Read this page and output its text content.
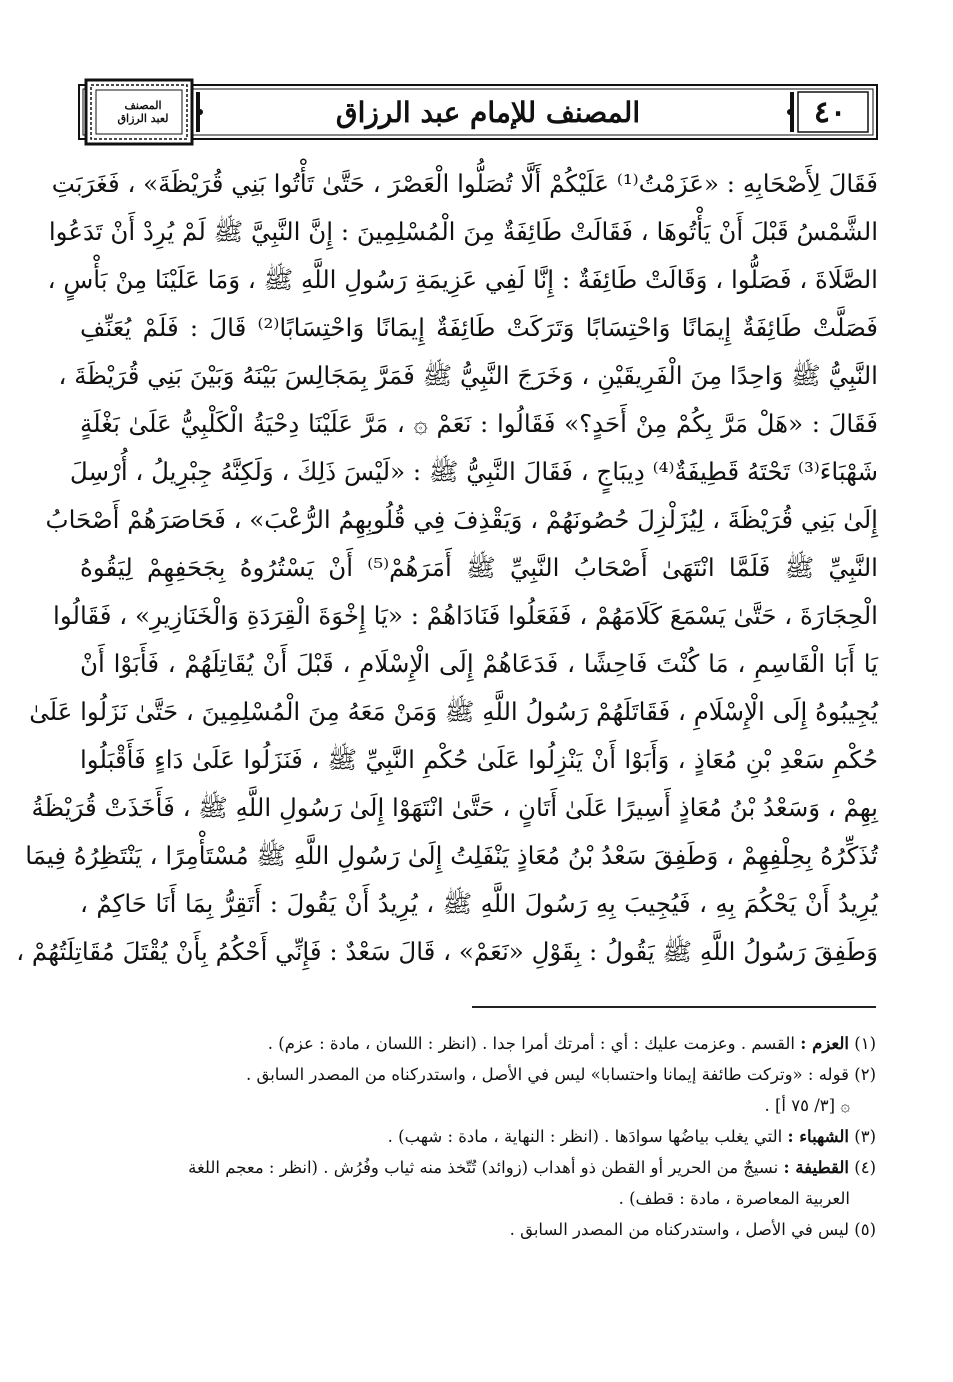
٤٠
المصنف للإمام عبد الرزاق
المصنف
لعبد الرزاق

فَقَالَ لِأَصْحَابِهِ : «عَزَمْتُ⁽¹⁾ عَلَيْكُمْ أَلَّا تُصَلُّوا الْعَصْرَ ، حَتَّىٰ تَأْتُوا بَنِي قُرَيْظَةَ» ، فَغَرَبَتِ

الشَّمْسُ قَبْلَ أَنْ يَأْتُوهَا ، فَقَالَتْ طَائِفَةٌ مِنَ الْمُسْلِمِينَ : إِنَّ النَّبِيَّ ﷺ لَمْ يُرِدْ أَنْ تَدَعُوا

الصَّلَاةَ ، فَصَلُّوا ، وَقَالَتْ طَائِفَةٌ : إِنَّا لَفِي عَزِيمَةِ رَسُولِ اللَّهِ ﷺ ، وَمَا عَلَيْنَا مِنْ بَأْسٍ ،

فَصَلَّتْ طَائِفَةٌ إِيمَانًا وَاحْتِسَابًا وَتَرَكَتْ طَائِفَةٌ إِيمَانًا وَاحْتِسَابًا⁽²⁾ قَالَ : فَلَمْ يُعَنِّفِ

النَّبِيُّ ﷺ وَاحِدًا مِنَ الْفَرِيقَيْنِ ، وَخَرَجَ النَّبِيُّ ﷺ فَمَرَّ بِمَجَالِسَ بَيْنَهُ وَبَيْنَ بَنِي قُرَيْظَةَ ،

فَقَالَ : «هَلْ مَرَّ بِكُمْ مِنْ أَحَدٍ؟» فَقَالُوا : نَعَمْ ۞ ، مَرَّ عَلَيْنَا دِحْيَةُ الْكَلْبِيُّ عَلَىٰ بَغْلَةٍ

شَهْبَاءَ⁽³⁾ تَحْتَهُ قَطِيفَةٌ⁽⁴⁾ دِيبَاجٍ ، فَقَالَ النَّبِيُّ ﷺ : «لَيْسَ ذَلِكَ ، وَلَكِنَّهُ جِبْرِيلُ ، أُرْسِلَ

إِلَىٰ بَنِي قُرَيْظَةَ ، لِيُزَلْزِلَ حُصُونَهُمْ ، وَيَقْذِفَ فِي قُلُوبِهِمُ الرُّعْبَ» ، فَحَاصَرَهُمْ أَصْحَابُ

النَّبِيِّ ﷺ فَلَمَّا انْتَهَىٰ أَصْحَابُ النَّبِيِّ ﷺ أَمَرَهُمْ⁽⁵⁾ أَنْ يَسْتُرُوهُ بِجَحَفِهِمْ لِيَقُوهُ

الْحِجَارَةَ ، حَتَّىٰ يَسْمَعَ كَلَامَهُمْ ، فَفَعَلُوا فَنَادَاهُمْ : «يَا إِخْوَةَ الْقِرَدَةِ وَالْخَنَازِيرِ» ، فَقَالُوا

يَا أَبَا الْقَاسِمِ ، مَا كُنْتَ فَاحِشًا ، فَدَعَاهُمْ إِلَى الْإِسْلَامِ ، قَبْلَ أَنْ يُقَاتِلَهُمْ ، فَأَبَوْا أَنْ

يُجِيبُوهُ إِلَى الْإِسْلَامِ ، فَقَاتَلَهُمْ رَسُولُ اللَّهِ ﷺ وَمَنْ مَعَهُ مِنَ الْمُسْلِمِينَ ، حَتَّىٰ نَزَلُوا عَلَىٰ

حُكْمِ سَعْدِ بْنِ مُعَاذٍ ، وَأَبَوْا أَنْ يَنْزِلُوا عَلَىٰ حُكْمِ النَّبِيِّ ﷺ ، فَنَزَلُوا عَلَىٰ دَاءٍ فَأَقْبَلُوا

بِهِمْ ، وَسَعْدُ بْنُ مُعَاذٍ أَسِيرًا عَلَىٰ أَتَانٍ ، حَتَّىٰ انْتَهَوْا إِلَىٰ رَسُولِ اللَّهِ ﷺ ، فَأَخَذَتْ قُرَيْظَةُ

تُذَكِّرُهُ بِحِلْفِهِمْ ، وَطَفِقَ سَعْدُ بْنُ مُعَاذٍ يَنْفَلِتُ إِلَىٰ رَسُولِ اللَّهِ ﷺ مُسْتَأْمِرًا ، يَنْتَظِرُهُ فِيمَا

يُرِيدُ أَنْ يَحْكُمَ بِهِ ، فَيُجِيبَ بِهِ رَسُولَ اللَّهِ ﷺ ، يُرِيدُ أَنْ يَقُولَ : أَتَقِرُّ بِمَا أَنَا حَاكِمٌ ،

وَطَفِقَ رَسُولُ اللَّهِ ﷺ يَقُولُ : بِقَوْلِ «نَعَمْ» ، قَالَ سَعْدٌ : فَإِنِّي أَحْكُمُ بِأَنْ يُقْتَلَ مُقَاتِلَتُهُمْ ،

(١) العزم : القسم . وعزمت عليك : أي : أمرتك أمرا جدا . (انظر : اللسان ، مادة : عزم) .

(٢) قوله : «وتركت طائفة إيمانا واحتسابا» ليس في الأصل ، واستدركناه من المصدر السابق .

۞ [٣/ ٧٥ أ] .

(٣) الشهباء : التي يغلب بياضُها سوادَها . (انظر : النهاية ، مادة : شهب) .

(٤) القطيفة : نسيجٌ من الحرير أو القطن ذو أهداب (زوائد) تُتّخذ منه ثياب وفُرُش . (انظر : معجم اللغة

العربية المعاصرة ، مادة : قطف) .

(٥) ليس في الأصل ، واستدركناه من المصدر السابق .
